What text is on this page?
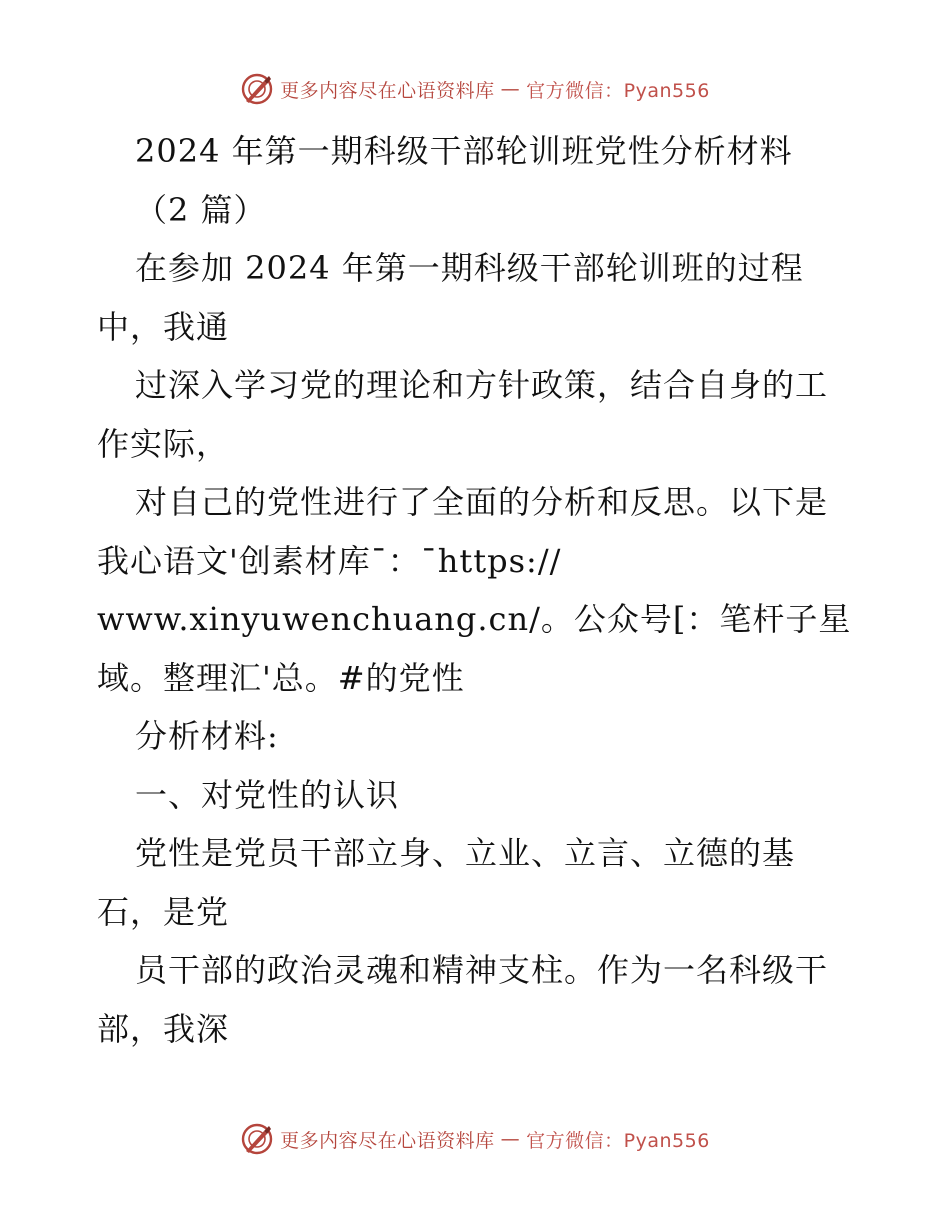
更多内容尽在心语资料库 — 官方微信：Pyan556
2024 年第一期科级干部轮训班党性分析材料
（2 篇）
在参加 2024 年第一期科级干部轮训班的过程
中，我通
过深入学习党的理论和方针政策，结合自身的工
作实际，
对自己的党性进行了全面的分析和反思。以下是
我心语文'创素材库¯：¯https://
www.xinyuwenchuang.cn/。公众号[：笔杆子星
域。整理汇'总。#的党性
分析材料:
一、对党性的认识
党性是党员干部立身、立业、立言、立德的基
石，是党
员干部的政治灵魂和精神支柱。作为一名科级干
部，我深
更多内容尽在心语资料库 — 官方微信：Pyan556
